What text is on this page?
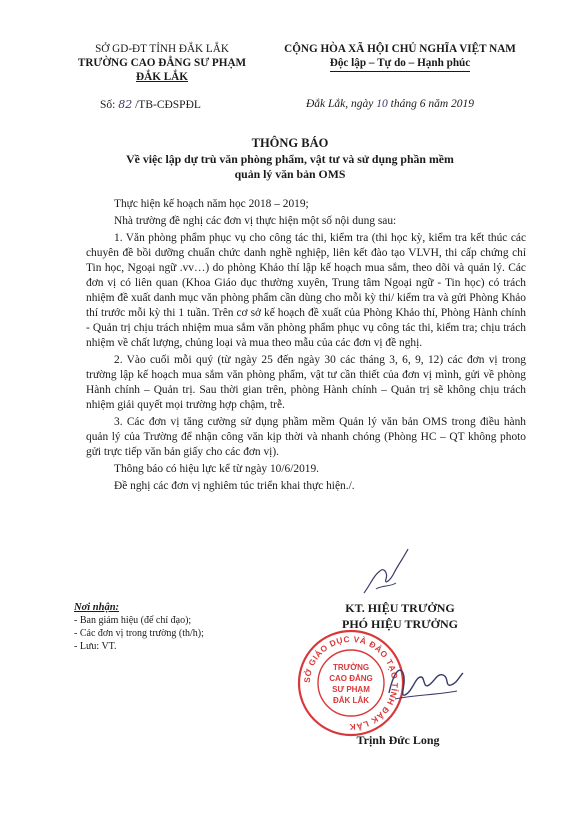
SỞ GD-ĐT TỈNH ĐẮK LẮK
TRƯỜNG CAO ĐẲNG SƯ PHẠM
ĐẮK LẮK
CỘNG HÒA XÃ HỘI CHỦ NGHĨA VIỆT NAM
Độc lập – Tự do – Hạnh phúc
Số: 82 /TB-CĐSPĐL	Đắk Lắk, ngày 10 tháng 6 năm 2019
THÔNG BÁO
Về việc lập dự trù văn phòng phẩm, vật tư và sử dụng phần mềm
quản lý văn bản OMS

Thực hiện kế hoạch năm học 2018 – 2019;

Nhà trường đề nghị các đơn vị thực hiện một số nội dung sau:

1. Văn phòng phẩm phục vụ cho công tác thi, kiểm tra (thi học kỳ, kiểm tra kết thúc các chuyên đề bồi dưỡng chuẩn chức danh nghề nghiệp, liên kết đào tạo VLVH, thi cấp chứng chỉ Tin học, Ngoại ngữ .vv…) do phòng Khảo thí lập kế hoạch mua sắm, theo dõi và quản lý. Các đơn vị có liên quan (Khoa Giáo dục thường xuyên, Trung tâm Ngoại ngữ - Tin học) có trách nhiệm đề xuất danh mục văn phòng phẩm cần dùng cho mỗi kỳ thi/ kiểm tra và gửi Phòng Khảo thí trước mỗi kỳ thi 1 tuần. Trên cơ sở kế hoạch đề xuất của Phòng Khảo thí, Phòng Hành chính - Quản trị chịu trách nhiệm mua sắm văn phòng phẩm phục vụ công tác thi, kiểm tra; chịu trách nhiệm về chất lượng, chủng loại và mua theo mẫu của các đơn vị đề nghị.

2. Vào cuối mỗi quý (từ ngày 25 đến ngày 30 các tháng 3, 6, 9, 12) các đơn vị trong trường lập kế hoạch mua sắm văn phòng phẩm, vật tư cần thiết của đơn vị mình, gửi về phòng Hành chính – Quản trị. Sau thời gian trên, phòng Hành chính – Quản trị sẽ không chịu trách nhiệm giải quyết mọi trường hợp chậm, trễ.

3. Các đơn vị tăng cường sử dụng phầm mềm Quản lý văn bản OMS trong điều hành quản lý của Trường để nhận công văn kịp thời và nhanh chóng (Phòng HC – QT không photo gửi trực tiếp văn bản giấy cho các đơn vị).

Thông báo có hiệu lực kể từ ngày 10/6/2019.

Đề nghị các đơn vị nghiêm túc triển khai thực hiện./.

Nơi nhận:
- Ban giám hiệu (để chỉ đạo);
- Các đơn vị trong trường (th/h);
- Lưu: VT.
KT. HIỆU TRƯỞNG
PHÓ HIỆU TRƯỞNG
SỞ GIÁO DỤC VÀ ĐÀO TẠO TỈNH ĐẮK LẮK
TRƯỜNG
CAO ĐẲNG
SƯ PHẠM
ĐẮK LẮK
Trịnh Đức Long
